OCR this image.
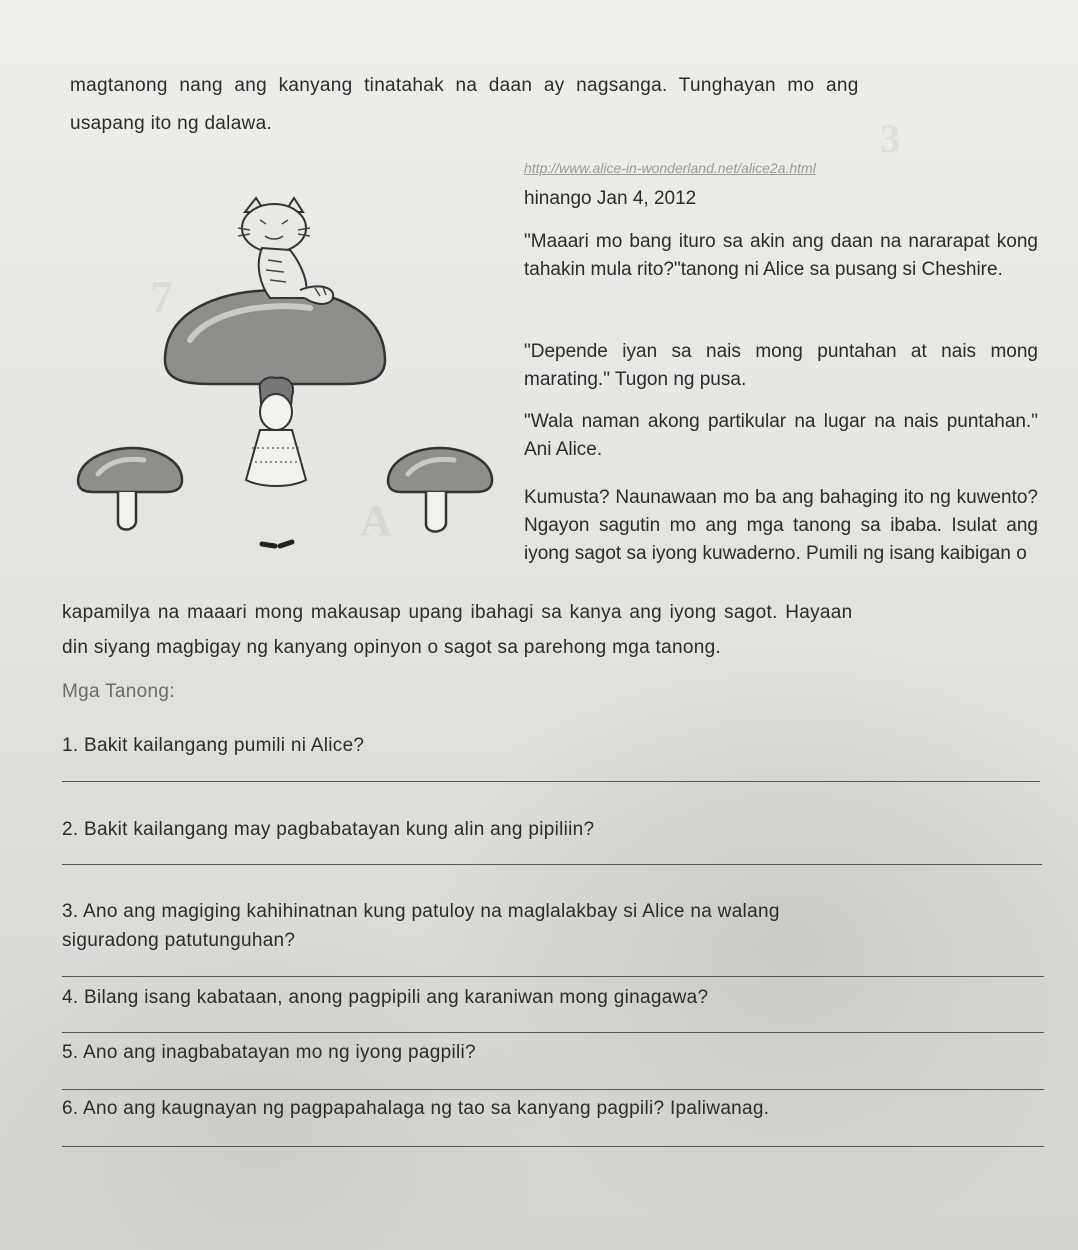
7
A
3
magtanong nang ang kanyang tinatahak na daan ay nagsanga. Tunghayan mo ang
usapang ito ng dalawa.
http://www.alice-in-wonderland.net/alice2a.html
hinango Jan 4, 2012
"Maaari mo bang ituro sa akin ang daan na nararapat kong tahakin mula rito?"tanong ni Alice sa pusang si Cheshire.
"Depende iyan sa nais mong puntahan at nais mong marating." Tugon ng pusa.
"Wala naman akong partikular na lugar na nais puntahan." Ani Alice.
Kumusta? Naunawaan mo ba ang bahaging ito ng kuwento? Ngayon sagutin mo ang mga tanong sa ibaba. Isulat ang iyong sagot sa iyong kuwaderno. Pumili ng isang kaibigan o
kapamilya na maaari mong makausap upang ibahagi sa kanya ang iyong sagot. Hayaan
din siyang magbigay ng kanyang opinyon o sagot sa parehong mga tanong.
Mga Tanong:
1. Bakit kailangang pumili ni Alice?
2. Bakit kailangang may pagbabatayan kung alin ang pipiliin?
3. Ano ang magiging kahihinatnan kung patuloy na maglalakbay si Alice na walang
siguradong patutunguhan?
4. Bilang isang kabataan, anong pagpipili ang karaniwan mong ginagawa?
5. Ano ang inagbabatayan mo ng iyong pagpili?
6. Ano ang kaugnayan ng pagpapahalaga ng tao sa kanyang pagpili? Ipaliwanag.
